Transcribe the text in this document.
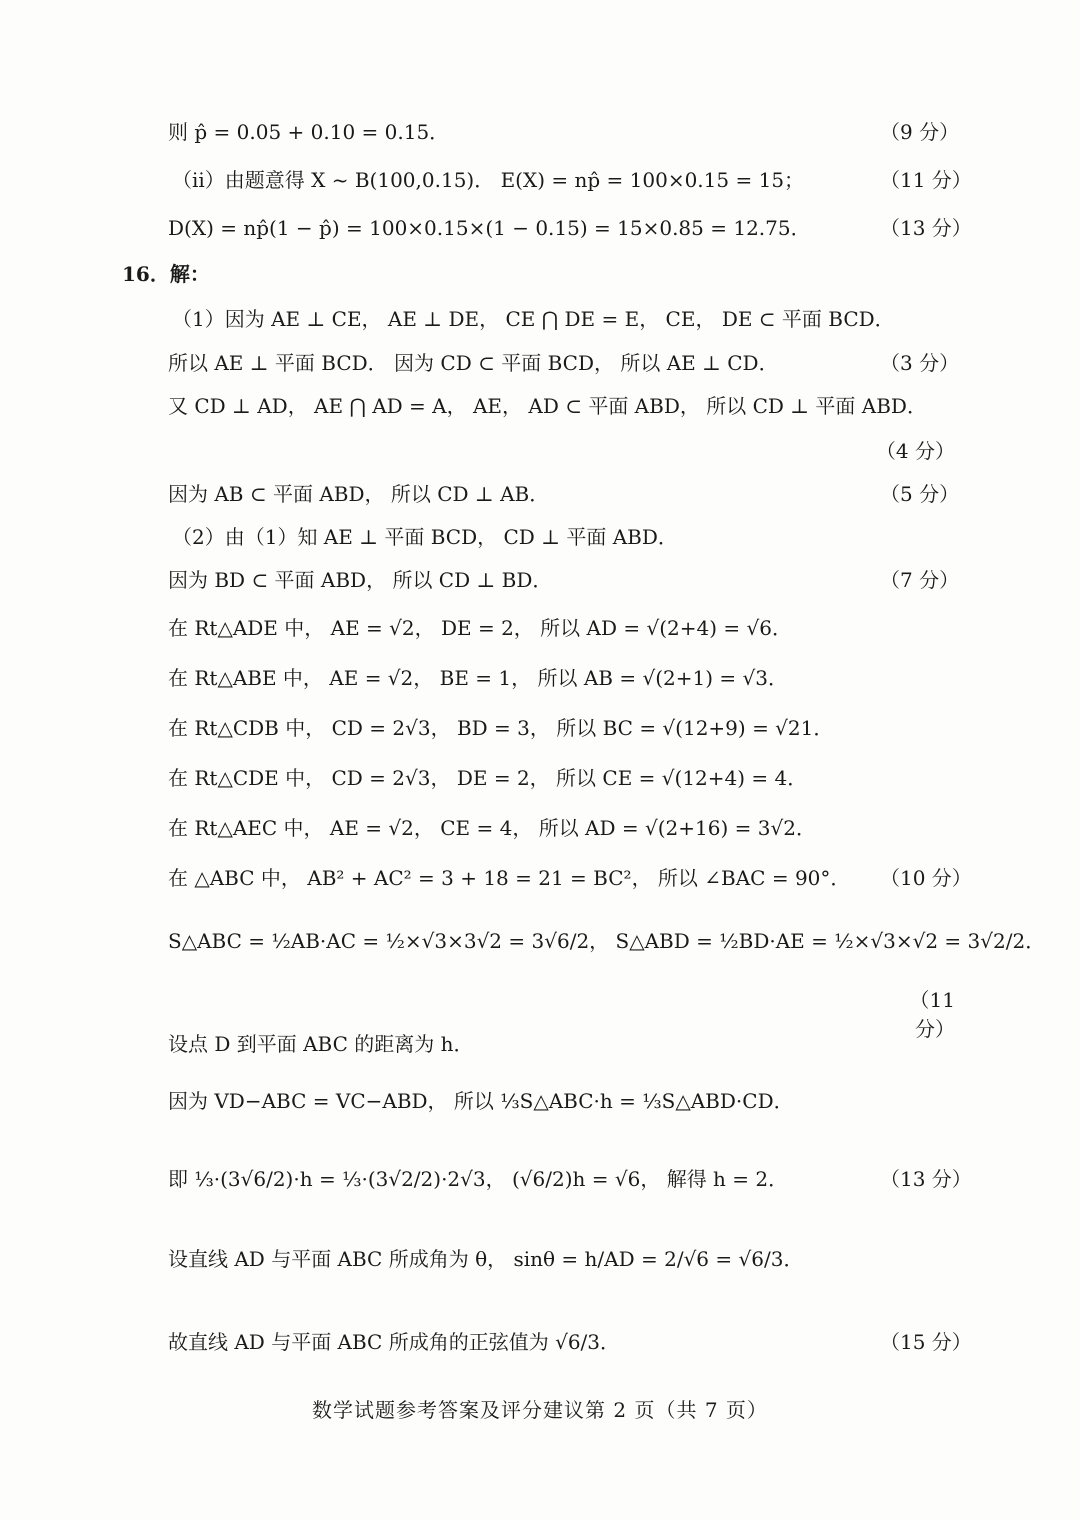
则 p̂ = 0.05 + 0.10 = 0.15．	（9 分）
（ii）由题意得 X ~ B(100,0.15)． E(X) = np̂ = 100×0.15 = 15；	（11 分）
D(X) = np̂(1 − p̂) = 100×0.15×(1 − 0.15) = 15×0.85 = 12.75．	（13 分）
16．解：
（1）因为 AE ⊥ CE， AE ⊥ DE， CE ⋂ DE = E， CE， DE ⊂ 平面 BCD．
所以 AE ⊥ 平面 BCD． 因为 CD ⊂ 平面 BCD， 所以 AE ⊥ CD．	（3 分）
又 CD ⊥ AD， AE ⋂ AD = A， AE， AD ⊂ 平面 ABD， 所以 CD ⊥ 平面 ABD．
（4 分）
因为 AB ⊂ 平面 ABD， 所以 CD ⊥ AB．	（5 分）
（2）由（1）知 AE ⊥ 平面 BCD， CD ⊥ 平面 ABD．
因为 BD ⊂ 平面 ABD， 所以 CD ⊥ BD．	（7 分）
在 Rt△ADE 中， AE = √2， DE = 2， 所以 AD = √(2+4) = √6．
在 Rt△ABE 中， AE = √2， BE = 1， 所以 AB = √(2+1) = √3．
在 Rt△CDB 中， CD = 2√3， BD = 3， 所以 BC = √(12+9) = √21．
在 Rt△CDE 中， CD = 2√3， DE = 2， 所以 CE = √(12+4) = 4．
在 Rt△AEC 中， AE = √2， CE = 4， 所以 AD = √(2+16) = 3√2．
在 △ABC 中， AB² + AC² = 3 + 18 = 21 = BC²， 所以 ∠BAC = 90°．	（10 分）
S△ABC = ½AB·AC = ½×√3×3√2 = 3√6/2， S△ABD = ½BD·AE = ½×√3×√2 = 3√2/2．
（11 分）
设点 D 到平面 ABC 的距离为 h．
因为 VD−ABC = VC−ABD， 所以 ⅓S△ABC·h = ⅓S△ABD·CD．
即 ⅓·(3√6/2)·h = ⅓·(3√2/2)·2√3， (√6/2)h = √6， 解得 h = 2．	（13 分）
设直线 AD 与平面 ABC 所成角为 θ， sinθ = h/AD = 2/√6 = √6/3．
故直线 AD 与平面 ABC 所成角的正弦值为 √6/3．	（15 分）
数学试题参考答案及评分建议第 2 页（共 7 页）
